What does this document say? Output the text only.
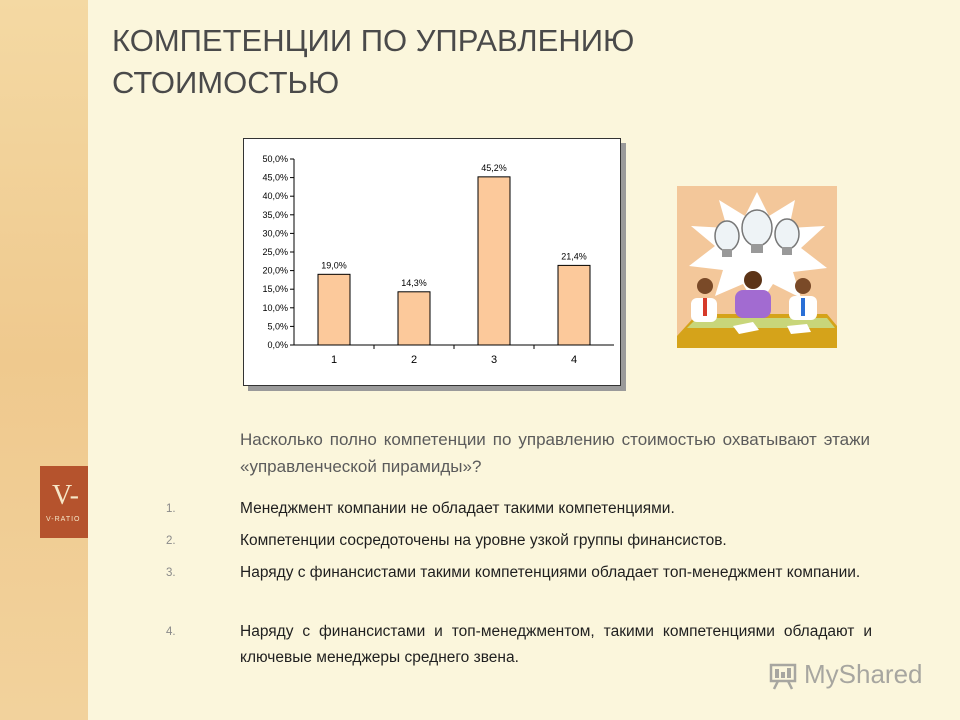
V-
V-RATIO
КОМПЕТЕНЦИИ ПО УПРАВЛЕНИЮ СТОИМОСТЬЮ
0,0%
5,0%
10,0%
15,0%
20,0%
25,0%
30,0%
35,0%
40,0%
45,0%
50,0%
19,0%
1
14,3%
2
45,2%
3
21,4%
4

Насколько полно компетенции по управлению стоимостью охватывают этажи «управленческой пирамиды»?

1.	Менеджмент компании не обладает такими компетенциями.
2.	Компетенции сосредоточены на уровне узкой группы финансистов.
3.	Наряду с финансистами такими компетенциями обладает топ-менеджмент компании.
4.	Наряду с финансистами и топ-менеджментом, такими компетенциями обладают и ключевые менеджеры среднего звена.
MyShared
